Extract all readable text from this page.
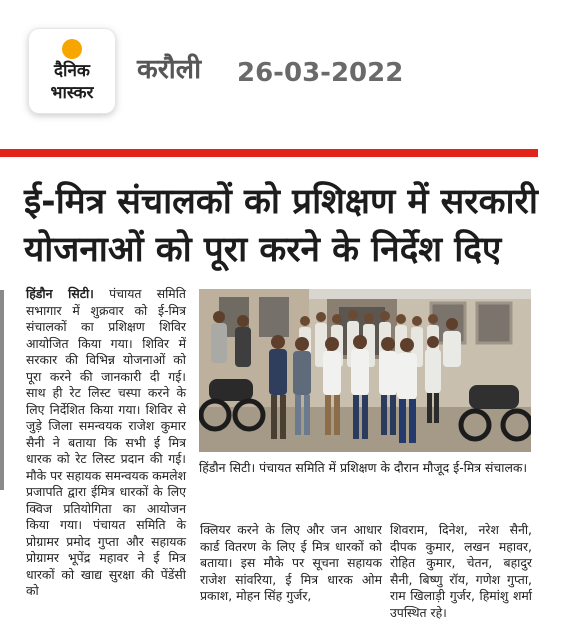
दैनिक
भास्कर
करौली 26-03-2022
ई-मित्र संचालकों को प्रशिक्षण में सरकारी
योजनाओं को पूरा करने के निर्देश दिए
हिंडौन सिटी। पंचायत समिति सभागार में शुक्रवार को ई-मित्र संचालकों का प्रशिक्षण शिविर आयोजित किया गया। शिविर में सरकार की विभिन्न योजनाओं को पूरा करने की जानकारी दी गई। साथ ही रेट लिस्ट चस्पा करने के लिए निर्देशित किया गया। शिविर से जुड़े जिला समन्वयक राजेश कुमार सैनी ने बताया कि सभी ई मित्र धारक को रेट लिस्ट प्रदान की गई। मौके पर सहायक समन्वयक कमलेश प्रजापति द्वारा ईमित्र धारकों के लिए क्विज प्रतियोगिता का आयोजन किया गया। पंचायत समिति के प्रोग्रामर प्रमोद गुप्ता और सहायक प्रोग्रामर भूपेंद्र महावर ने ई मित्र धारकों को खाद्य सुरक्षा की पेंडेंसी को
हिंडौन सिटी। पंचायत समिति में प्रशिक्षण के दौरान मौजूद ई-मित्र संचालक।
क्लियर करने के लिए और जन आधार कार्ड वितरण के लिए ई मित्र धारकों को बताया। इस मौके पर सूचना सहायक राजेश सांवरिया, ई मित्र धारक ओम प्रकाश, मोहन सिंह गुर्जर,
शिवराम, दिनेश, नरेश सैनी, दीपक कुमार, लखन महावर, रोहित कुमार, चेतन, बहादुर सैनी, बिष्णु रॉय, गणेश गुप्ता, राम खिलाड़ी गुर्जर, हिमांशु शर्मा उपस्थित रहे।
